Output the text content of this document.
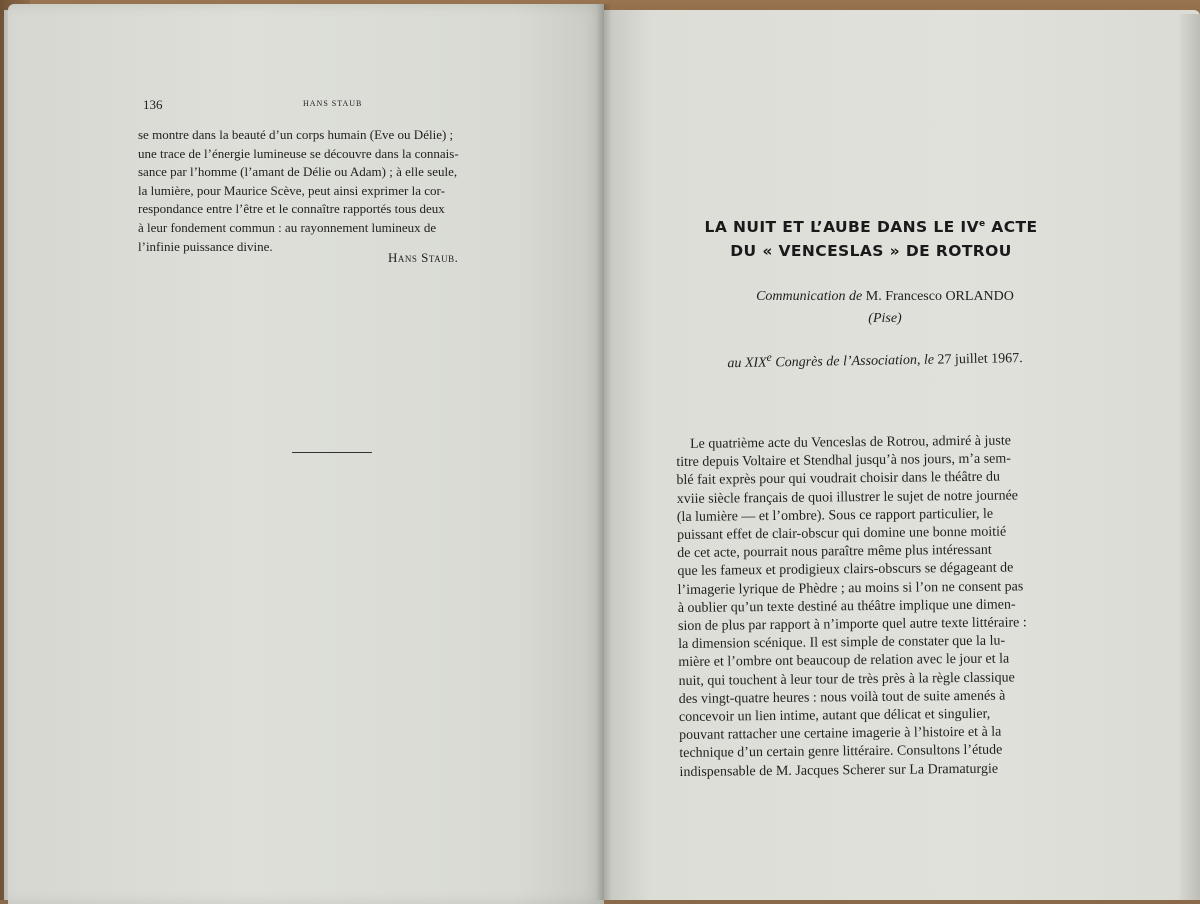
136	HANS STAUB
se montre dans la beauté d’un corps humain (Eve ou Délie) ;
une trace de l’énergie lumineuse se découvre dans la connais-
sance par l’homme (l’amant de Délie ou Adam) ; à elle seule,
la lumière, pour Maurice Scève, peut ainsi exprimer la cor-
respondance entre l’être et le connaître rapportés tous deux
à leur fondement commun : au rayonnement lumineux de
l’infinie puissance divine.
Hans Staub.
LA NUIT ET L’AUBE DANS LE IVe ACTE
DU « VENCESLAS » DE ROTROU
Communication de M. Francesco ORLANDO
(Pise)
au XIXe Congrès de l’Association, le 27 juillet 1967.
Le quatrième acte du Venceslas de Rotrou, admiré à juste
titre depuis Voltaire et Stendhal jusqu’à nos jours, m’a sem-
blé fait exprès pour qui voudrait choisir dans le théâtre du
xviie siècle français de quoi illustrer le sujet de notre journée
(la lumière — et l’ombre). Sous ce rapport particulier, le
puissant effet de clair-obscur qui domine une bonne moitié
de cet acte, pourrait nous paraître même plus intéressant
que les fameux et prodigieux clairs-obscurs se dégageant de
l’imagerie lyrique de Phèdre ; au moins si l’on ne consent pas
à oublier qu’un texte destiné au théâtre implique une dimen-
sion de plus par rapport à n’importe quel autre texte littéraire :
la dimension scénique. Il est simple de constater que la lu-
mière et l’ombre ont beaucoup de relation avec le jour et la
nuit, qui touchent à leur tour de très près à la règle classique
des vingt-quatre heures : nous voilà tout de suite amenés à
concevoir un lien intime, autant que délicat et singulier,
pouvant rattacher une certaine imagerie à l’histoire et à la
technique d’un certain genre littéraire. Consultons l’étude
indispensable de M. Jacques Scherer sur La Dramaturgie
